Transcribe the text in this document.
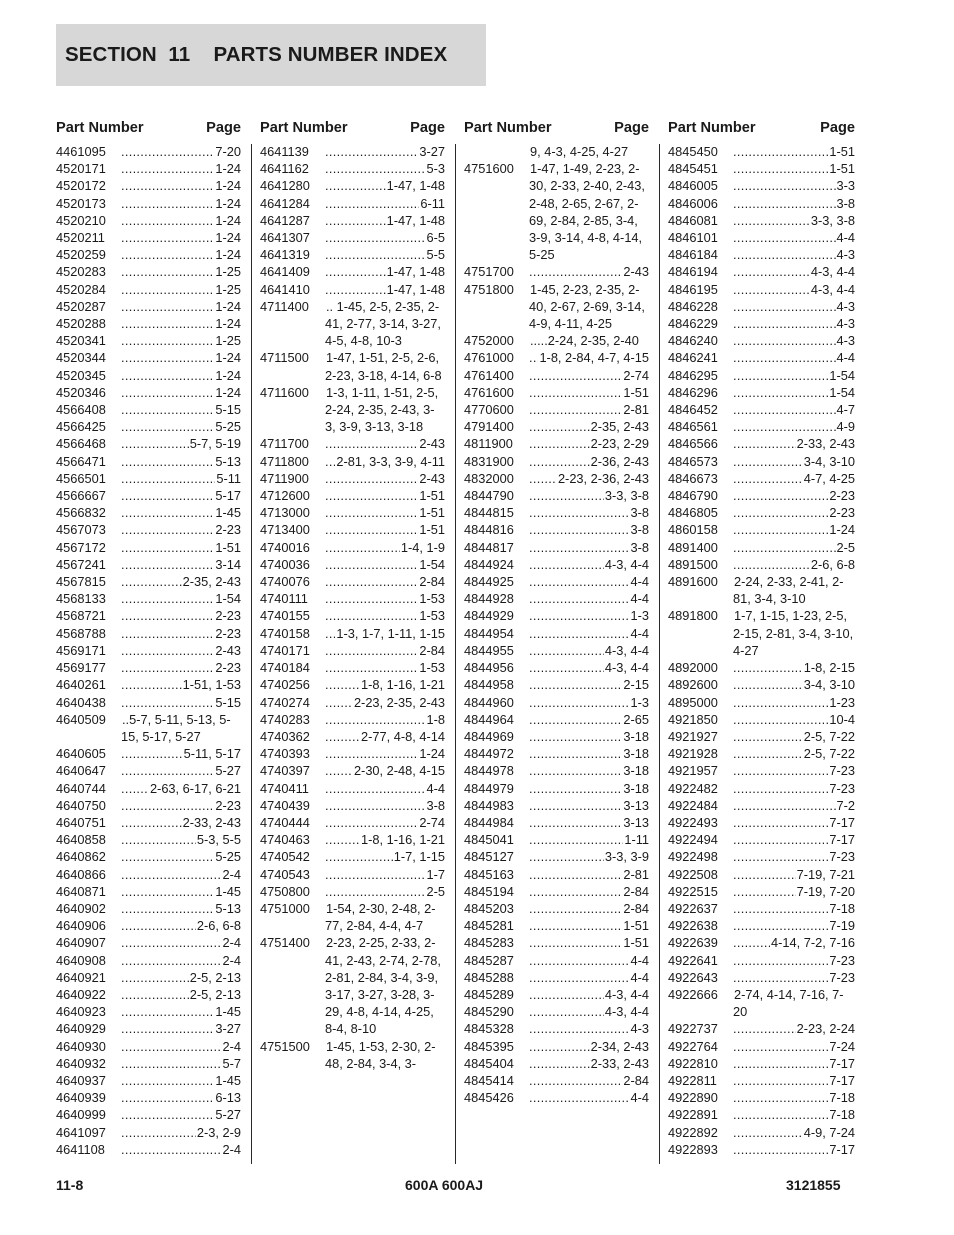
SECTION  11    PARTS NUMBER INDEX
Part Number	Page
4461095 .....	7-20
4520171 .....	1-24
4520172 .....	1-24
4520173 .....	1-24
4520210 .....	1-24
4520211 .....	1-24
4520259 .....	1-24
4520283 .....	1-25
4520284 .....	1-25
4520287 .....	1-24
4520288 .....	1-24
4520341 .....	1-25
4520344 .....	1-24
4520345 .....	1-24
4520346 .....	1-24
4566408 .....	5-15
4566425 .....	5-25
4566468 .....	5-7, 5-19
4566471 .....	5-13
4566501 .....	5-11
4566667 .....	5-17
4566832 .....	1-45
4567073 .....	2-23
4567172 .....	1-51
4567241 .....	3-14
4567815 .....	2-35, 2-43
4568133 .....	1-54
4568721 .....	2-23
4568788 .....	2-23
4569171 .....	2-43
4569177 .....	2-23
4640261 .....	1-51, 1-53
4640438 .....	5-15
4640509	..5-7, 5-11, 5-13, 5-15, 5-17, 5-27
4640605 .....	5-11, 5-17
4640647 .....	5-27
4640744 .....	2-63, 6-17, 6-21
4640750 .....	2-23
4640751 .....	2-33, 2-43
4640858 .....	5-3, 5-5
4640862 .....	5-25
4640866 .....	2-4
4640871 .....	1-45
4640902 .....	5-13
4640906 .....	2-6, 6-8
4640907 .....	2-4
4640908 .....	2-4
4640921 .....	2-5, 2-13
4640922 .....	2-5, 2-13
4640923 .....	1-45
4640929 .....	3-27
4640930 .....	2-4
4640932 .....	5-7
4640937 .....	1-45
4640939 .....	6-13
4640999 .....	5-27
4641097 .....	2-3, 2-9
4641108 .....	2-4
Part Number	Page
4641139 .....	3-27
4641162 .....	5-3
4641280 .....	1-47, 1-48
4641284 .....	6-11
4641287 .....	1-47, 1-48
4641307 .....	6-5
4641319 .....	5-5
4641409 .....	1-47, 1-48
4641410 .....	1-47, 1-48
4711400	.. 1-45, 2-5, 2-35, 2-41, 2-77, 3-14, 3-27, 4-5, 4-8, 10-3
4711500	1-47, 1-51, 2-5, 2-6, 2-23, 3-18, 4-14, 6-8
4711600	1-3, 1-11, 1-51, 2-5, 2-24, 2-35, 2-43, 3-3, 3-9, 3-13, 3-18
4711700 .....	2-43
4711800 .....	2-81, 3-3, 3-9, 4-11
4711900 .....	2-43
4712600 .....	1-51
4713000 .....	1-51
4713400 .....	1-51
4740016 .....	1-4, 1-9
4740036 .....	1-54
4740076 .....	2-84
4740111 .....	1-53
4740155 .....	1-53
4740158 .....	1-3, 1-7, 1-11, 1-15
4740171 .....	2-84
4740184 .....	1-53
4740256 .....	1-8, 1-16, 1-21
4740274 .....	2-23, 2-35, 2-43
4740283 .....	1-8
4740362 .....	2-77, 4-8, 4-14
4740393 .....	1-24
4740397 .....	2-30, 2-48, 4-15
4740411 .....	4-4
4740439 .....	3-8
4740444 .....	2-74
4740463 .....	1-8, 1-16, 1-21
4740542 .....	1-7, 1-15
4740543 .....	1-7
4750800 .....	2-5
4751000	1-54, 2-30, 2-48, 2-77, 2-84, 4-4, 4-7
4751400	2-23, 2-25, 2-33, 2-41, 2-43, 2-74, 2-78, 2-81, 2-84, 3-4, 3-9, 3-17, 3-27, 3-28, 3-29, 4-8, 4-14, 4-25, 8-4, 8-10
4751500	1-45, 1-53, 2-30, 2-48, 2-84, 3-4, 3-
Part Number	Page
9, 4-3, 4-25, 4-27
4751600	1-47, 1-49, 2-23, 2-30, 2-33, 2-40, 2-43, 2-48, 2-65, 2-67, 2-69, 2-84, 2-85, 3-4, 3-9, 3-14, 4-8, 4-14, 5-25
4751700 .....	2-43
4751800	1-45, 2-23, 2-35, 2-40, 2-67, 2-69, 3-14, 4-9, 4-11, 4-25
4752000	.....2-24, 2-35, 2-40
4761000 .....	1-8, 2-84, 4-7, 4-15
4761400 .....	2-74
4761600 .....	1-51
4770600 .....	2-81
4791400 .....	2-35, 2-43
4811900 .....	2-23, 2-29
4831900 .....	2-36, 2-43
4832000 .....	2-23, 2-36, 2-43
4844790 .....	3-3, 3-8
4844815 .....	3-8
4844816 .....	3-8
4844817 .....	3-8
4844924 .....	4-3, 4-4
4844925 .....	4-4
4844928 .....	4-4
4844929 .....	1-3
4844954 .....	4-4
4844955 .....	4-3, 4-4
4844956 .....	4-3, 4-4
4844958 .....	2-15
4844960 .....	1-3
4844964 .....	2-65
4844969 .....	3-18
4844972 .....	3-18
4844978 .....	3-18
4844979 .....	3-18
4844983 .....	3-13
4844984 .....	3-13
4845041 .....	1-11
4845127 .....	3-3, 3-9
4845163 .....	2-81
4845194 .....	2-84
4845203 .....	2-84
4845281 .....	1-51
4845283 .....	1-51
4845287 .....	4-4
4845288 .....	4-4
4845289 .....	4-3, 4-4
4845290 .....	4-3, 4-4
4845328 .....	4-3
4845395 .....	2-34, 2-43
4845404 .....	2-33, 2-43
4845414 .....	2-84
4845426 .....	4-4
Part Number	Page
4845450 .....	1-51
4845451 .....	1-51
4846005 .....	3-3
4846006 .....	3-8
4846081 .....	3-3, 3-8
4846101 .....	4-4
4846184 .....	4-3
4846194 .....	4-3, 4-4
4846195 .....	4-3, 4-4
4846228 .....	4-3
4846229 .....	4-3
4846240 .....	4-3
4846241 .....	4-4
4846295 .....	1-54
4846296 .....	1-54
4846452 .....	4-7
4846561 .....	4-9
4846566 .....	2-33, 2-43
4846573 .....	3-4, 3-10
4846673 .....	4-7, 4-25
4846790 .....	2-23
4846805 .....	2-23
4860158 .....	1-24
4891400 .....	2-5
4891500 .....	2-6, 6-8
4891600	2-24, 2-33, 2-41, 2-81, 3-4, 3-10
4891800	1-7, 1-15, 1-23, 2-5, 2-15, 2-81, 3-4, 3-10, 4-27
4892000 .....	1-8, 2-15
4892600 .....	3-4, 3-10
4895000 .....	1-23
4921850 .....	10-4
4921927 .....	2-5, 7-22
4921928 .....	2-5, 7-22
4921957 .....	7-23
4922482 .....	7-23
4922484 .....	7-2
4922493 .....	7-17
4922494 .....	7-17
4922498 .....	7-23
4922508 .....	7-19, 7-21
4922515 .....	7-19, 7-20
4922637 .....	7-18
4922638 .....	7-19
4922639 .....	4-14, 7-2, 7-16
4922641 .....	7-23
4922643 .....	7-23
4922666	2-74, 4-14, 7-16, 7-20
4922737 .....	2-23, 2-24
4922764 .....	7-24
4922810 .....	7-17
4922811 .....	7-17
4922890 .....	7-18
4922891 .....	7-18
4922892 .....	4-9, 7-24
4922893 .....	7-17
11-8	600A 600AJ	3121855
